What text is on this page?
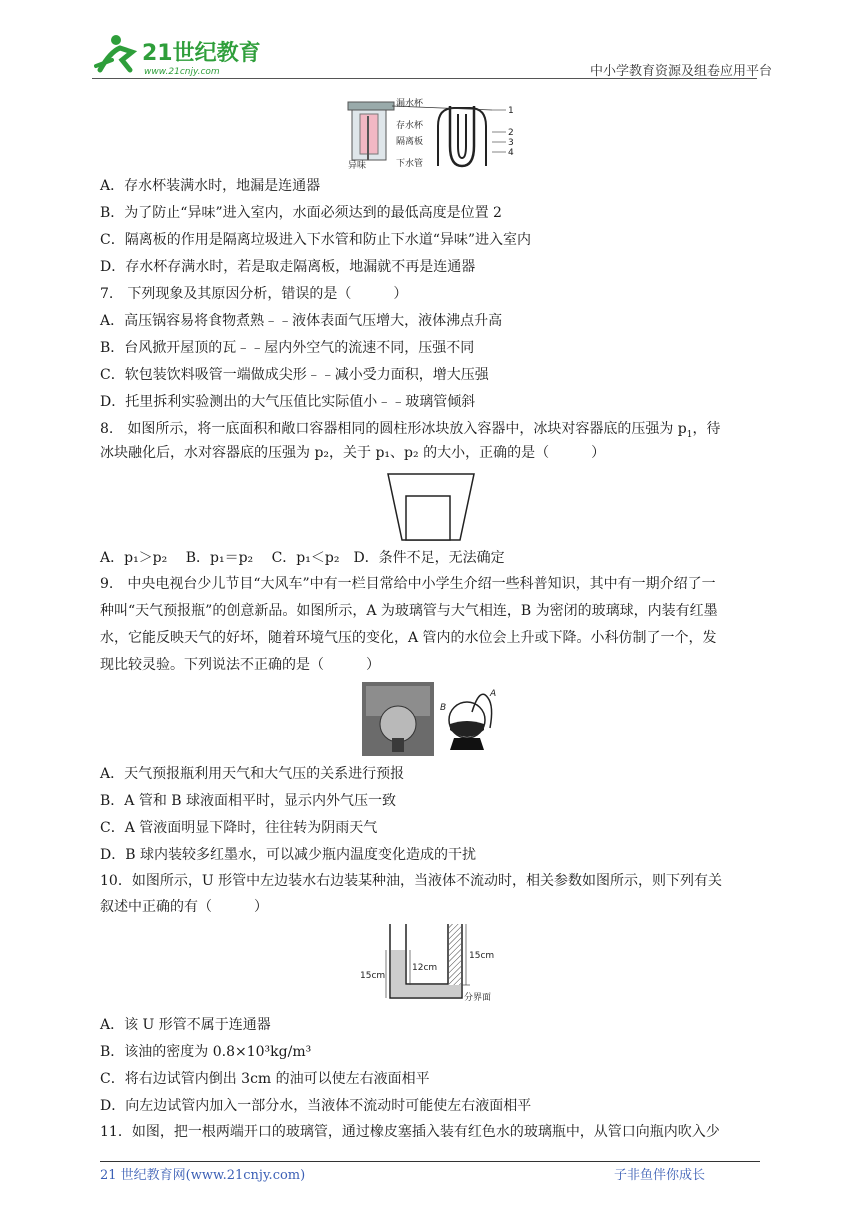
21世纪教育
www.21cnjy.com	中小学教育资源及组卷应用平台
漏水杯
存水杯
隔离板
下水管
异味
1
2
3
4
A．存水杯装满水时，地漏是连通器
B．为了防止“异味”进入室内，水面必须达到的最低高度是位置 2
C．隔离板的作用是隔离垃圾进入下水管和防止下水道“异味”进入室内
D．存水杯存满水时，若是取走隔离板，地漏就不再是连通器
7.　下列现象及其原因分析，错误的是（　　　）
A．高压锅容易将食物煮熟﹣﹣液体表面气压增大，液体沸点升高
B．台风掀开屋顶的瓦﹣﹣屋内外空气的流速不同，压强不同
C．软包装饮料吸管一端做成尖形﹣﹣减小受力面积，增大压强
D．托里拆利实验测出的大气压值比实际值小﹣﹣玻璃管倾斜
8.　如图所示，将一底面积和敞口容器相同的圆柱形冰块放入容器中，冰块对容器底的压强为 $p_1$，待
冰块融化后，水对容器底的压强为 p₂，关于 p₁、p₂ 的大小，正确的是（　　　）
A．p₁＞p₂　 B．p₁＝p₂　 C．p₁＜p₂　D．条件不足，无法确定
9.　中央电视台少儿节目“大风车”中有一栏目常给中小学生介绍一些科普知识，其中有一期介绍了一
种叫“天气预报瓶”的创意新品。如图所示，A 为玻璃管与大气相连，B 为密闭的玻璃球，内装有红墨
水，它能反映天气的好坏，随着环境气压的变化，A 管内的水位会上升或下降。小科仿制了一个，发
现比较灵验。下列说法不正确的是（　　　）
A
B
A．天气预报瓶利用天气和大气压的关系进行预报
B．A 管和 B 球液面相平时，显示内外气压一致
C．A 管液面明显下降时，往往转为阴雨天气
D．B 球内装较多红墨水，可以减少瓶内温度变化造成的干扰
10．如图所示，U 形管中左边装水右边装某种油，当液体不流动时，相关参数如图所示，则下列有关
叙述中正确的有（　　　）
15cm
12cm
15cm
分界面
A．该 U 形管不属于连通器
B．该油的密度为 0.8×10³kg/m³
C．将右边试管内倒出 3cm 的油可以使左右液面相平
D．向左边试管内加入一部分水，当液体不流动时可能使左右液面相平
11．如图，把一根两端开口的玻璃管，通过橡皮塞插入装有红色水的玻璃瓶中，从管口向瓶内吹入少
21 世纪教育网(www.21cnjy.com)	子非鱼伴你成长
